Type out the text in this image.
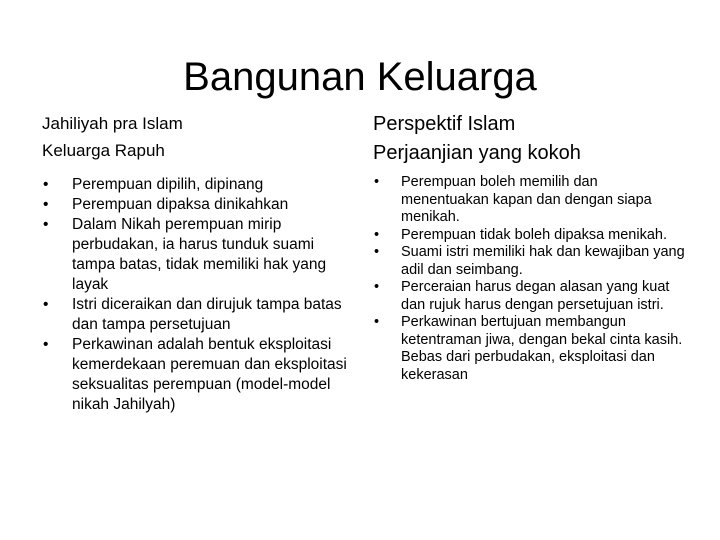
Bangunan Keluarga
Jahiliyah pra Islam
Keluarga Rapuh
• Perempuan dipilih, dipinang
• Perempuan dipaksa dinikahkan
• Dalam Nikah perempuan mirip perbudakan, ia harus tunduk suami tampa batas, tidak memiliki hak yang layak
• Istri diceraikan dan dirujuk tampa batas dan tampa persetujuan
• Perkawinan adalah bentuk eksploitasi kemerdekaan peremuan dan eksploitasi seksualitas perempuan (model-model nikah Jahilyah)
Perspektif Islam
Perjaanjian yang kokoh
• Perempuan boleh memilih dan menentuakan kapan dan dengan siapa menikah.
• Perempuan tidak boleh dipaksa menikah.
• Suami istri memiliki hak dan kewajiban yang adil dan seimbang.
• Perceraian harus degan alasan yang kuat dan rujuk harus dengan persetujuan istri.
• Perkawinan bertujuan membangun ketentraman jiwa, dengan bekal cinta kasih. Bebas dari perbudakan, eksploitasi dan kekerasan
